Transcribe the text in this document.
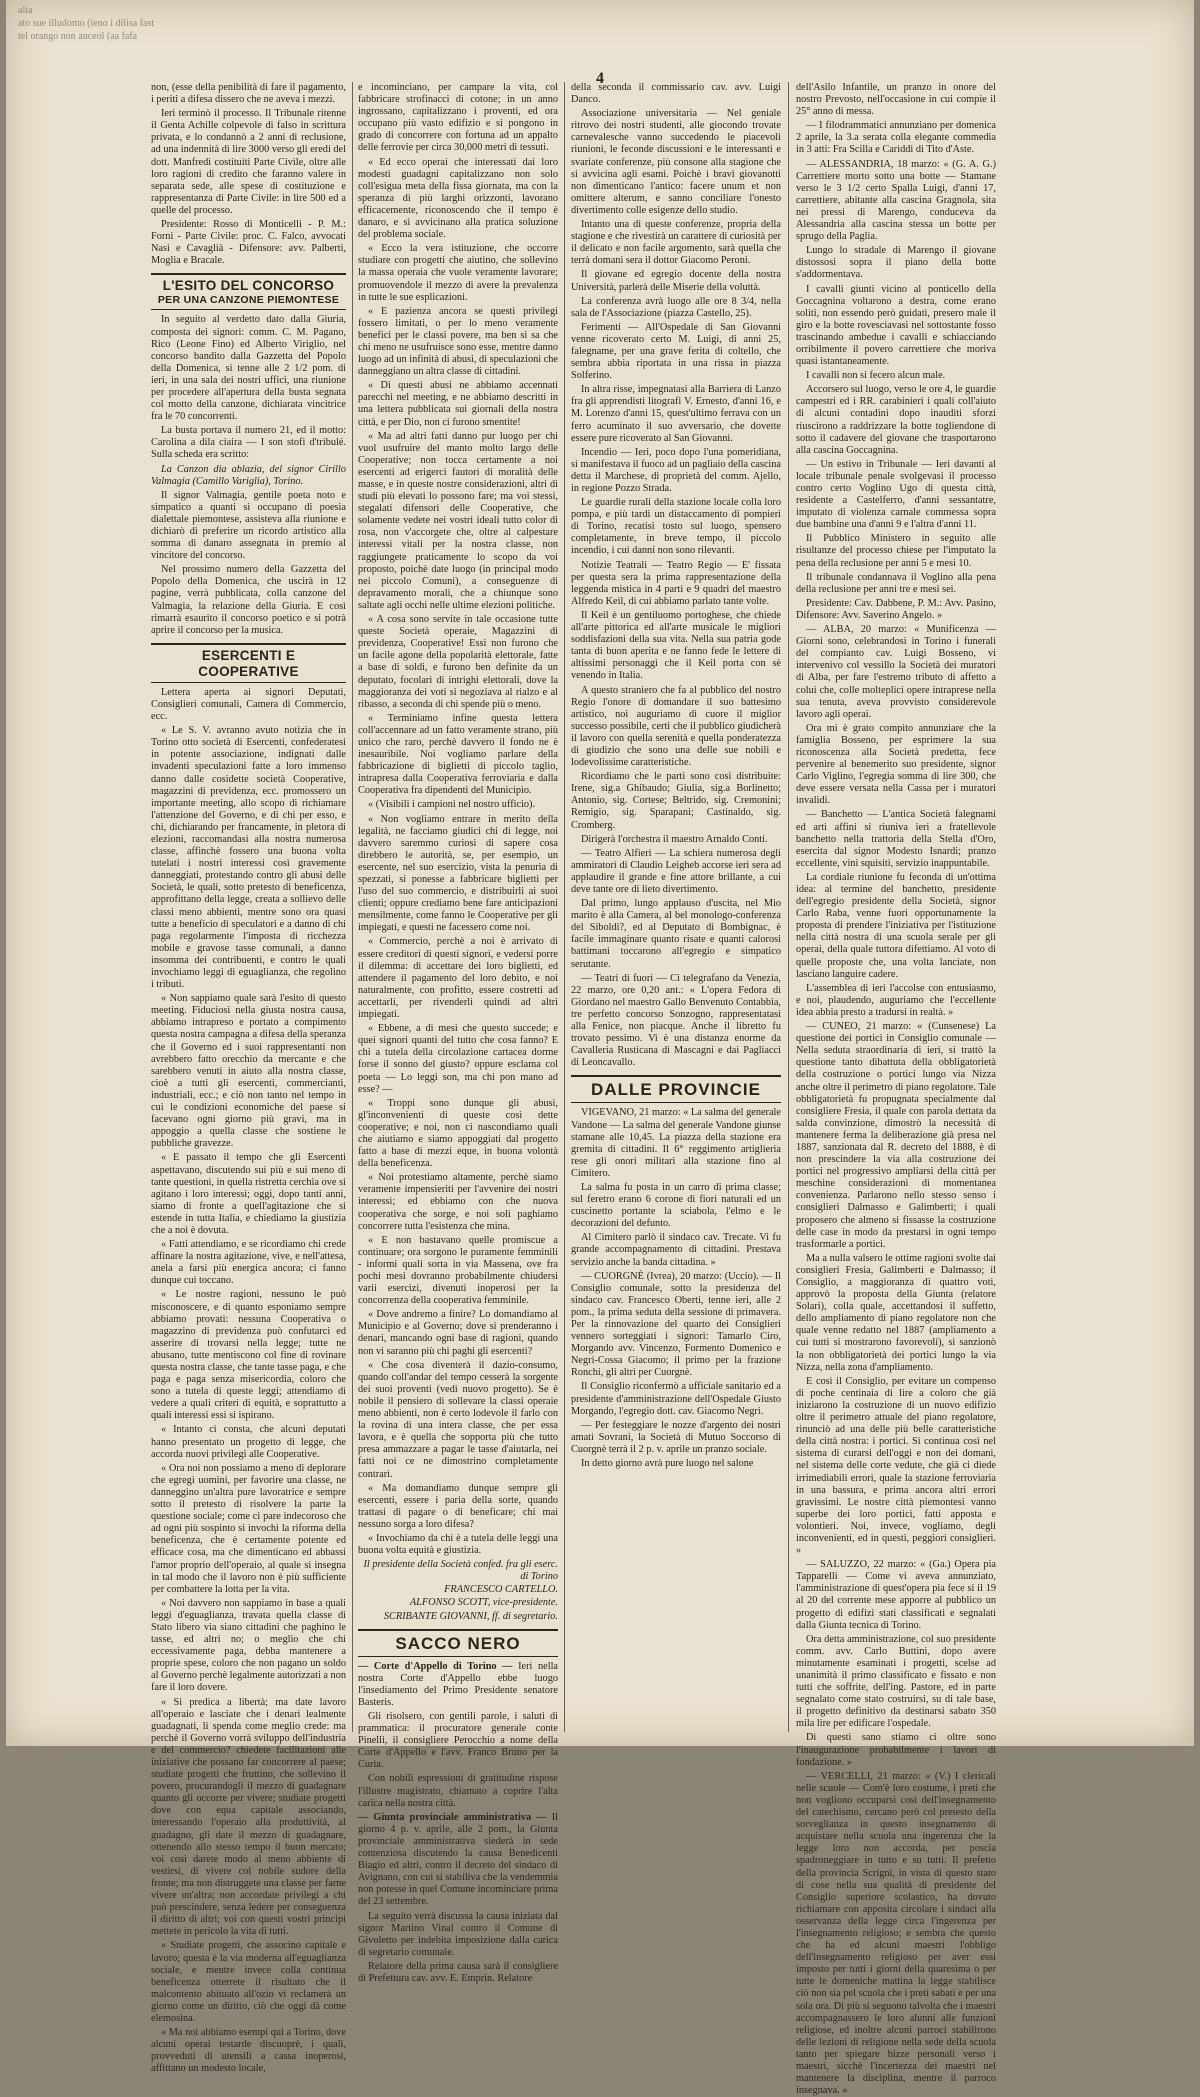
alia
ato sue illudomo (ieno i dilisa fast
tel orango non anceol (aa fafa
4

non, (esse della penibilità di fare il pagamento, i periti a difesa dissero che ne aveva i mezzi.

Ieri terminò il processo. Il Tribunale ritenne il Genta Achille colpevole di falso in scrittura privata, e lo condannò a 2 anni di reclusione, ad una indennità di lire 3000 verso gli eredi del dott. Manfredi costituiti Parte Civile, oltre alle loro ragioni di credito che faranno valere in separata sede, alle spese di costituzione e rappresentanza di Parte Civile: in lire 500 ed a quelle del processo.

Presidente: Rosso di Monticelli - P. M.: Forni - Parte Civile: proc. C. Falco, avvocati Nasi e Cavaglià - Difensore: avv. Palberti, Moglia e Bracale.

L'ESITO DEL CONCORSO
PER UNA CANZONE PIEMONTESE

In seguito al verdetto dato dalla Giuria, composta dei signori: comm. C. M. Pagano, Rico (Leone Fino) ed Alberto Viriglio, nel concorso bandito dalla Gazzetta del Popolo della Domenica, si tenne alle 2 1/2 pom. di ieri, in una sala dei nostri uffici, una riunione per procedere all'apertura della busta segnata col motto della canzone, dichiarata vincitrice fra le 70 concorrenti.

La busta portava il numero 21, ed il motto: Carolina a dila ciaira — I son stofi d'tribulé. Sulla scheda era scritto:

La Canzon dia ablazia, del signor Cirillo Valmagia (Camillo Variglia), Torino.

Il signor Valmagia, gentile poeta noto e simpatico a quanti si occupano di poesia dialettale piemontese, assisteva alla riunione e dichiarò di preferire un ricordo artistico alla somma di danaro assegnata in premio al vincitore del concorso.

Nel prossimo numero della Gazzetta del Popolo della Domenica, che uscirà in 12 pagine, verrà pubblicata, colla canzone del Valmagia, la relazione della Giuria. E così rimarrà esaurito il concorso poetico e si potrà aprire il concorso per la musica.

ESERCENTI E COOPERATIVE

Lettera aperta ai signori Deputati, Consiglieri comunali, Camera di Commercio, ecc.

« Le S. V. avranno avuto notizia che in Torino otto società di Esercenti, confederatesi in potente associazione, indignati dalle invadenti speculazioni fatte a loro immenso danno dalle cosidette società Cooperative, magazzini di previdenza, ecc. promossero un importante meeting, allo scopo di richiamare l'attenzione del Governo, e di chi per esso, e chi, dichiarando per francamente, in pletora di elezioni, raccomandasi alla nostra numerosa classe, affinchè fossero una buona volta tutelati i nostri interessi così gravemente danneggiati, protestando contro gli abusi delle Società, le quali, sotto pretesto di beneficenza, approfittano della legge, creata a sollievo delle classi meno abbienti, mentre sono ora quasi tutte a beneficio di speculatori e a danno di chi paga regolarmente l'imposta di ricchezza mobile e gravose tasse comunali, a danno insomma dei contribuenti, e contro le quali invochiamo leggi di eguaglianza, che regolino i tributi.

« Non sappiamo quale sarà l'esito di questo meeting. Fiduciosi nella giusta nostra causa, abbiamo intrapreso e portato a compimento questa nostra campagna a difesa della speranza che il Governo ed i suoi rappresentanti non avrebbero fatto orecchio da mercante e che sarebbero venuti in aiuto alla nostra classe, cioè a tutti gli esercenti, commercianti, industriali, ecc.; e ciò non tanto nel tempo in cui le condizioni economiche del paese si facevano ogni giorno più gravi, ma in appoggio a quella classe che sostiene le pubbliche gravezze.

« E passato il tempo che gli Esercenti aspettavano, discutendo sui più e sui meno di tante questioni, in quella ristretta cerchia ove si agitano i loro interessi; oggi, dopo tanti anni, siamo di fronte a quell'agitazione che si estende in tutta Italia, e chiediamo la giustizia che a noi è dovuta.

« Fatti attendiamo, e se ricordiamo chi crede affinare la nostra agitazione, vive, e nell'attesa, anela a farsi più energica ancora; ci fanno dunque cui toccano.

« Le nostre ragioni, nessuno le può misconoscere, e di quanto esponiamo sempre abbiamo provati: nessuna Cooperativa o magazzino di previdenza può confutarci ed asserire di trovarsi nella legge; tutte ne abusano, tutte mentiscono col fine di rovinare questa nostra classe, che tante tasse paga, e che paga e paga senza misericordia, coloro che sono a tutela di queste leggi; attendiamo di vedere a quali criteri di equità, e soprattutto a quali interessi essi si ispirano.

« Intanto ci consta, che alcuni deputati hanno presentato un progetto di legge, che accorda nuovi privilegi alle Cooperative.

« Ora noi non possiamo a meno di deplorare che egregi uomini, per favorire una classe, ne danneggino un'altra pure lavoratrice e sempre sotto il pretesto di risolvere la parte la questione sociale; come ci pare indecoroso che ad ogni più sospinto si invochi la riforma della beneficenza, che è certamente potente ed efficace cosa, ma che dimenticano ed abbassi l'amor proprio dell'operaio, al quale si insegna in tal modo che il lavoro non è più sufficiente per combattere la lotta per la vita.

« Noi davvero non sappiamo in base a quali leggi d'eguaglianza, travata quella classe di Stato libero via siano cittadini che paghino le tasse, ed altri no; o meglio che chi eccessivamente paga, debba mantenere a proprie spese, coloro che non pagano un soldo al Governo perchè legalmente autorizzati a non fare il loro dovere.

« Si predica a libertà; ma date lavoro all'operaio e lasciate che i denari lealmente guadagnati, li spenda come meglio crede: ma perchè il Governo vorrà sviluppo dell'industria e del commercio? chiedete facilitazioni alle iniziative che possano far concorrere al paese; studiate progetti che fruttino, che sollevino il povero, procurandogli il mezzo di guadagnare quanto gli occorre per vivere; studiate progetti dove con equa capitale associando, interessando l'operaio alla produttività, al guadagno, gli date il mezzo di guadagnare, ottenendo allo stesso tempo il buon mercato; voi così darete modo al meno abbiente di vestirsi, di vivere col nobile sudore della fronte; ma non distruggete una classe per farne vivere un'altra; non accordate privilegi a chi può prescindere, senza ledere per conseguenza il diritto di altri; voi con questi vostri principi mettete in pericolo la vita di tutti.

« Studiate progetti, che associno capitale e lavoro; questa è la via moderna all'eguaglianza sociale, e mentre invece colla continua beneficenza otterrete il risultato che il malcontento abituato all'ozio vi reclamerà un giorno come un diritto, ciò che oggi dà come elemosina.

« Ma noi abbiamo esempi qui a Torino, dove alcuni operai testarde discuoprè, i quali, provveduti di utensili a cassa inoperosi, affittano un modesto locale,

e incominciano, per campare la vita, col fabbricare strofinacci di cotone; in un anno ingrossano, capitalizzano i proventi, ed ora occupano più vasto edifizio e si pongono in grado di concorrere con fortuna ad un appalto delle ferrovie per circa 30,000 metri di tessuti.

« Ed ecco operai che interessati dai loro modesti guadagni capitalizzano non solo coll'esigua meta della fissa giornata, ma con la speranza di più larghi orizzonti, lavorano efficacemente, riconoscendo che il tempo è danaro, e si avvicinano alla pratica soluzione del problema sociale.

« Ecco la vera istituzione, che occorre studiare con progetti che aiutino, che sollevino la massa operaia che vuole veramente lavorare; promuovendole il mezzo di avere la prevalenza in tutte le sue esplicazioni.

« E pazienza ancora se questi privilegi fossero limitati, o per lo meno veramente benefici per le classi povere, ma ben si sa che chi meno ne usufruisce sono esse, mentre danno luogo ad un infinità di abusi, di speculazioni che danneggiano un altra classe di cittadini.

« Di questi abusi ne abbiamo accennati parecchi nel meeting, e ne abbiamo descritti in una lettera pubblicata sui giornali della nostra città, e per Dio, non ci furono smentite!

« Ma ad altri fatti danno pur luogo per chi vuol usufruire del manto molto largo delle Cooperative; non tocca certamente a noi esercenti ad erigerci fautori di moralità delle masse, e in queste nostre considerazioni, altri di studi più elevati lo possono fare; ma voi stessi, stegalati difensori delle Cooperative, che solamente vedete nei vostri ideali tutto color di rosa, non v'accorgete che, oltre al calpestare interessi vitali per la nostra classe, non raggiungete praticamente lo scopo da voi proposto, poichè date luogo (in principal modo nei piccolo Comuni), a conseguenze di depravamento morali, che a chiunque sono saltate agli occhi nelle ultime elezioni politiche.

« A cosa sono servite in tale occasione tutte queste Società operaie, Magazzini di previdenza, Cooperative! Essi non furono che un facile agone della popolarità elettorale, fatte a base di soldi, e furono ben definite da un deputato, focolari di intrighi elettorali, dove la maggioranza dei voti si negoziava al rialzo e al ribasso, a seconda di chi spende più o meno.

« Terminiamo infine questa lettera coll'accennare ad un fatto veramente strano, più unico che raro, perchè davvero il fondo ne è inesauribile. Noi vogliamo parlare della fabbricazione di biglietti di piccolo taglio, intrapresa dalla Cooperativa ferroviaria e dalla Cooperativa fra dipendenti del Municipio.

« (Visibili i campioni nel nostro ufficio).

« Non vogliamo entrare in merito della legalità, ne facciamo giudici chi di legge, noi davvero saremmo curiosi di sapere cosa direbbero le autorità, se, per esempio, un esercente, nel suo esercizio, vista la penuria di spezzati, si ponesse a fabbricare biglietti per l'uso del suo commercio, e distribuirli ai suoi clienti; oppure crediamo bene fare anticipazioni mensilmente, come fanno le Cooperative per gli impiegati, e questi ne facessero come noi.

« Commercio, perchè a noi è arrivato di essere creditori di questi signori, e vedersi porre il dilemma: di accettare dei loro biglietti, ed attendere il pagamento del loro debito, e noi naturalmente, con profitto, essere costretti ad accettarli, per rivenderli quindi ad altri impiegati.

« Ebbene, a di mesi che questo succede; e quei signori quanti del tutto che cosa fanno? E chi a tutela della circolazione cartacea dorme forse il sonno del giusto? oppure esclama col poeta — Lo leggi son, ma chi pon mano ad esse? —

« Troppi sono dunque gli abusi, gl'inconvenienti di queste così dette cooperative; e noi, non ci nascondiamo quali che aiutiamo e siamo appoggiati dal progetto fatto a base di mezzi eque, in buona volontà della beneficenza.

« Noi protestiamo altamente, perchè siamo veramente impensieriti per l'avvenire dei nostri interessi; ed ebbiamo con che nuova cooperativa che sorge, e noi soli paghiamo concorrere tutta l'esistenza che mina.

« E non bastavano quelle promiscue a continuare; ora sorgono le puramente femminili - informi quali sorta in via Massena, ove fra pochi mesi dovranno probabilmente chiudersi varii esercizi, divenuti inoperosi per la concorrenza della cooperativa femminile.

« Dove andremo a finire? Lo domandiamo al Municipio e al Governo; dove si prenderanno i denari, mancando ogni base di ragioni, quando non vi saranno più chi paghi gli esercenti?

« Che cosa diventerà il dazio-consumo, quando coll'andar del tempo cesserà la sorgente dei suoi proventi (vedi nuovo progetto). Se è nobile il pensiero di sollevare la classi operaie meno abbienti, non è certo lodevole il farlo con la rovina di una intera classe, che per essa lavora, e è quella che sopporta più che tutto presa ammazzare a pagar le tasse d'aiutarla, nei fatti noi ce ne dimostrino completamente contrari.

« Ma domandiamo dunque sempre gli esercenti, essere i paria della sorte, quando trattasi di pagare o di beneficare; chi mai nessuno sorga a loro difesa?

« Invochiamo da chi è a tutela delle leggi una buona volta equità e giustizia.

Il presidente della Società confed. fra gli eserc. di Torino
FRANCESCO CARTELLO.
ALFONSO SCOTT, vice-presidente.
SCRIBANTE GIOVANNI, ff. di segretario.
SACCO NERO

— Corte d'Appello di Torino — Ieri nella nostra Corte d'Appello ebbe luogo l'insediamento del Primo Presidente senatore Basteris.

Gli risolsero, con gentili parole, i saluti di prammatica: il procuratore generale conte Pinelli, il consigliere Perocchio a nome della Corte d'Appello e l'avv. Franco Bruno per la Curia.

Con nobili espressioni di gratitudine rispose l'illustre magistrato, chiamato a coprire l'alta carica nella nostra città.

— Giunta provinciale amministrativa — Il giorno 4 p. v. aprile, alle 2 pom., la Giunta provinciale amministrativa siederà in sede contenziosa discutendo la causa Benedicenti Biagio ed altri, contro il decreto del sindaco di Avignano, con cui si stabiliva che la vendemmia non potesse in quel Comune incominciare prima del 23 settembre.

La seguito verrà discussa la causa iniziata dal signor Martino Vinal contro il Comune di Givoletto per indebita imposizione dalla carica di segretario comunale.

Relatore della prima causa sarà il consigliere di Prefettura cav. avv. E. Emprin. Relatore

della seconda il commissario cav. avv. Luigi Danco.

Associazione universitaria — Nel geniale ritrovo dei nostri studenti, alle giocondo trovate carnevalesche vanno succedendo le piacevoli riunioni, le feconde discussioni e le interessanti e svariate conferenze, più consone alla stagione che si avvicina agli esami. Poichè i bravi giovanotti non dimenticano l'antico: facere unum et non omittere alterum, e sanno conciliare l'onesto divertimento colle esigenze dello studio.

Intanto una di queste conferenze, propria della stagione e che rivestirà un carattere di curiosità per il delicato e non facile argomento, sarà quella che terrà domani sera il dottor Giacomo Peroni.

Il giovane ed egregio docente della nostra Università, parlerà delle Miserie della voluttà.

La conferenza avrà luogo alle ore 8 3/4, nella sala de l'Associazione (piazza Castello, 25).

Ferimenti — All'Ospedale di San Giovanni venne ricoverato certo M. Luigi, di anni 25, falegname, per una grave ferita di coltello, che sembra abbia riportata in una rissa in piazza Solferino.

In altra risse, impegnatasi alla Barriera di Lanzo fra gli apprendisti litografi V. Ernesto, d'anni 16, e M. Lorenzo d'anni 15, quest'ultimo ferrava con un ferro acuminato il suo avversario, che dovette essere pure ricoverato al San Giovanni.

Incendio — Ieri, poco dopo l'una pomeridiana, si manifestava il fuoco ad un pagliaio della cascina detta il Marchese, di proprietà del comm. Ajello, in regione Pozzo Strada.

Le guardie rurali della stazione locale colla loro pompa, e più tardi un distaccamento di pompieri di Torino, recatisi tosto sul luogo, spensero completamente, in breve tempo, il piccolo incendio, i cui danni non sono rilevanti.

Notizie Teatrali — Teatro Regio — E' fissata per questa sera la prima rappresentazione della leggenda mistica in 4 parti e 9 quadri del maestro Alfredo Keil, di cui abbiamo parlato tante volte.

Il Keil è un gentiluomo portoghese, che chiede all'arte pittorica ed all'arte musicale le migliori soddisfazioni della sua vita. Nella sua patria gode tanta di buon aperita e ne fanno fede le lettere di altissimi personaggi che il Keil porta con sè venendo in Italia.

A questo straniero che fa al pubblico del nostro Regio l'onore di domandare il suo battesimo artistico, noi auguriamo di cuore il miglior successo possibile, certi che il pubblico giudicherà il lavoro con quella serenità e quella ponderatezza di giudizio che sono una delle sue nobili e lodevolissime caratteristiche.

Ricordiamo che le parti sono così distribuite: Irene, sig.a Ghibaudo; Giulia, sig.a Borlinetto; Antonio, sig. Cortese; Beltrido, sig. Cremonini; Remigio, sig. Sparapani; Castinaldo, sig. Cromberg.

Dirigerà l'orchestra il maestro Arnaldo Conti.

— Teatro Alfieri — La schiera numerosa degli ammiratori di Claudio Leigheb accorse ieri sera ad applaudire il grande e fine attore brillante, a cui deve tante ore di lieto divertimento.

Dal primo, lungo applauso d'uscita, nel Mio marito è alla Camera, al bel monologo-conferenza del Siboldi?, ed al Deputato di Bombignac, è facile immaginare quanto risate e quanti calorosi battimani toccarono all'egregio e simpatico serutante.

— Teatri di fuori — Ci telegrafano da Venezia, 22 marzo, ore 0,20 ant.: « L'opera Fedora di Giordano nel maestro Gallo Benvenuto Contabbia, tre perfetto concorso Sonzogno, rappresentatasi alla Fenice, non piacque. Anche il libretto fu trovato pessimo. Vi è una distanza enorme da Cavalleria Rusticana di Mascagni e dai Pagliacci di Leoncavallo.

DALLE PROVINCIE

VIGEVANO, 21 marzo: « La salma del generale Vandone — La salma del generale Vandone giunse stamane alle 10,45. La piazza della stazione era gremita di cittadini. Il 6° reggimento artiglieria rese gli onori militari alla stazione fino al Cimitero.

La salma fu posta in un carro di prima classe; sul feretro erano 6 corone di fiori naturali ed un cuscinetto portante la sciabola, l'elmo e le decorazioni del defunto.

Al Cimitero parlò il sindaco cav. Trecate. Vi fu grande accompagnamento di cittadini. Prestava servizio anche la banda cittadina. »

— CUORGNÈ (Ivrea), 20 marzo: (Uccio). — Il Consiglio comunale, sotto la presidenza del sindaco cav. Francesco Oberti, tenne ieri, alle 2 pom., la prima seduta della sessione di primavera. Per la rinnovazione del quarto dei Consiglieri vennero sorteggiati i signori: Tamarlo Ciro, Morgando avv. Vincenzo, Formento Domenico e Negri-Cossa Giacomo; il primo per la frazione Ronchi, gli altri per Cuorgnè.

Il Consiglio riconfermò a ufficiale sanitario ed a presidente d'amministrazione dell'Ospedale Giusto Morgando, l'egregio dott. cav. Giacomo Negri.

— Per festeggiare le nozze d'argento dei nostri amati Sovrani, la Società di Mutuo Soccorso di Cuorgnè terrà il 2 p. v. aprile un pranzo sociale.

In detto giorno avrà pure luogo nel salone

dell'Asilo Infantile, un pranzo in onore del nostro Prevosto, nell'occasione in cui compie il 25° anno di messa.

— I filodrammatici annunziano per domenica 2 aprile, la 3.a serata colla elegante commedia in 3 atti: Fra Scilla e Cariddi di Tito d'Aste.

— ALESSANDRIA, 18 marzo: « (G. A. G.) Carrettiere morto sotto una botte — Stamane verso le 3 1/2 certo Spalla Luigi, d'anni 17, carrettiere, abitante alla cascina Gragnola, sita nei pressi di Marengo, conduceva da Alessandria alla cascina stessa un botte per sprugo della Paglia.

Lungo lo stradale di Marengo il giovane distossosi sopra il piano della botte s'addormentava.

I cavalli giunti vicino al ponticello della Goccagnina voltarono a destra, come erano soliti, non essendo però guidati, presero male il giro e la botte rovesciavasi nel sottostante fosso trascinando ambedue i cavalli e schiacciando orribilmente il povero carrettiere che moriva quasi istantaneamente.

I cavalli non si fecero alcun male.

Accorsero sul luogo, verso le ore 4, le guardie campestri ed i RR. carabinieri i quali coll'aiuto di alcuni contadini dopo inauditi sforzi riuscirono a raddrizzare la botte togliendone di sotto il cadavere del giovane che trasportarono alla cascina Goccagnina.

— Un estivo in Tribunale — Ieri davanti al locale tribunale penale svolgevasi il processo contro certo Voglino Ugo di questa città, residente a Castelferro, d'anni sessantatre, imputato di violenza carnale commessa sopra due bambine una d'anni 9 e l'altra d'anni 11.

Il Pubblico Ministero in seguito alle risultanze del processo chiese per l'imputato la pena della reclusione per anni 5 e mesi 10.

Il tribunale condannava il Voglino alla pena della reclusione per anni tre e mesi sei.

Presidente: Cav. Dabbene, P. M.: Avv. Pasino, Difensore: Avv. Saverino Angelo. »

— ALBA, 20 marzo: « Munificenza — Giorni sono, celebrandosi in Torino i funerali del compianto cav. Luigi Bosseno, vi intervenivo col vessillo la Società dei muratori di Alba, per fare l'estremo tributo di affetto a colui che, colle molteplici opere intraprese nella sua tenuta, aveva provvisto considerevole lavoro agli operai.

Ora mi è grato compito annunziare che la famiglia Bosseno, per esprimere la sua riconoscenza alla Società predetta, fece pervenire al benemerito suo presidente, signor Carlo Viglino, l'egregia somma di lire 300, che deve essere versata nella Cassa per i muratori invalidi.

— Banchetto — L'antica Società falegnami ed arti affini si riuniva ieri a fratellevole banchetto nella trattoria della Stella d'Oro, esercita dal signor Modesto Isnardi; pranzo eccellente, vini squisiti, servizio inappuntabile.

La cordiale riunione fu feconda di un'ottima idea: al termine del banchetto, presidente dell'egregio presidente della Società, signor Carlo Raba, venne fuori opportunamente la proposta di prendere l'iniziativa per l'istituzione nella città nostra di una scuola serale per gli operai, della quale tuttora difettiamo. Al voto di quelle proposte che, una volta lanciate, non lasciano languire cadere.

L'assemblea di ieri l'accolse con entusiasmo, e noi, plaudendo, auguriamo che l'eccellente idea abbia presto a tradursi in realtà. »

— CUNEO, 21 marzo: « (Cunsenese) La questione dei portici in Consiglio comunale — Nella seduta straordinaria di ieri, si trattò la questione tanto dibattuta della obbligatorietà della costruzione o portici lungo via Nizza anche oltre il perimetro di piano regolatore. Tale obbligatorietà fu propugnata specialmente dal consigliere Fresia, il quale con parola dettata da salda convinzione, dimostrò la necessità di mantenere ferma la deliberazione già presa nel 1887, sanzionata dal R. decreto del 1888, è di non prescindere la via alla costruzione dei portici nel progressivo ampliarsi della città per meschine considerazioni di momentanea convenienza. Parlarono nello stesso senso i consiglieri Dalmasso e Galimberti; i quali proposero che almeno si fissasse la costruzione delle case in modo da prestarsi in ogni tempo trasformarle a portici.

Ma a nulla valsero le ottime ragioni svolte dai consiglieri Fresia, Galimberti e Dalmasso; il Consiglio, a maggioranza di quattro voti, approvò la proposta della Giunta (relatore Solari), colla quale, accettandosi il suffetto, dello ampliamento di piano regolatore non che quale venne redatto nel 1887 (ampliamento a cui tutti si mostrarono favorevoli), si sanzionò la non obbligatorietà dei portici lungo la via Nizza, nella zona d'ampliamento.

E così il Consiglio, per evitare un compenso di poche centinaia di lire a coloro che già iniziarono la costruzione di un nuovo edifizio oltre il perimetro attuale del piano regolatore, rinunciò ad una delle più belle caratteristiche della città nostra: i portici. Si continua così nel sistema di curarsi dell'oggi e non dei domani, nel sistema delle corte vedute, che già ci diede irrimediabili errori, quale la stazione ferroviaria in una bassura, e prima ancora altri errori gravissimi. Le nostre città piemontesi vanno superbe dei loro portici, fatti apposta e volontieri. Noi, invece, vogliamo, degli inconvenienti, ed in questi, peggiori consiglieri. »

— SALUZZO, 22 marzo: « (Ga.) Opera pia Tapparelli — Come vi aveva annunziato, l'amministrazione di quest'opera pia fece si il 19 al 20 del corrente mese apporre al pubblico un progetto di edifizi stati classificati e segnalati dalla Giunta tecnica di Torino.

Ora detta amministrazione, col suo presidente comm. avv. Carlo Buttini, dopo avere minutamente esaminati i progetti, scelse ad unanimità il primo classificato e fissato e non tutti che soffrite, dell'ing. Pastore, ed in parte segnalato come stato costruirsi, su di tale base, il progetto definitivo da destinarsi sabato 350 mila lire per edificare l'ospedale.

Di questi sano stiamo ci oltre sono l'inaugurazione probabilmente i lavori di fondazione. »

— VERCELLI, 21 marzo: « (V.) I clericali nelle scuole — Com'è loro costume, i preti che non vogliono occuparsi così dell'insegnamento del catechismo, cercano però col pretesto della sorveglianza in questo insegnamento di acquistare nella scuola una ingerenza che la legge loro non accorda, per poscia spadroneggiare in tutto e su tutti. Il prefetto della provincia Scrigni, in vista di questo stato di cose nella sua qualità di presidente del Consiglio superiore scolastico, ha dovuto richiamare con apposita circolare i sindaci alla osservanza della legge circa l'ingerenza per l'insegnamento religioso; e sembra che questo che ha ed alcuni maestri l'obbligo dell'insegnamento religioso per aver essi imposto per tutti i giorni della quaresima o per tutte le domeniche mattina la legge stabilisce ciò non sia pel scuola che i preti sabati e per una sola ora. Di più si seguono talvolta che i maestri accompagnassero le loro alunni alle funzioni religiose, ed inoltre alcuni parroci stabilirono delle lezioni di religione nella sede della scuola tanto per spiegare bizze personali verso i maestri, sicchè l'incertezza dei maestri nel mantenere la disciplina, mentre il parroco insegnava. »
